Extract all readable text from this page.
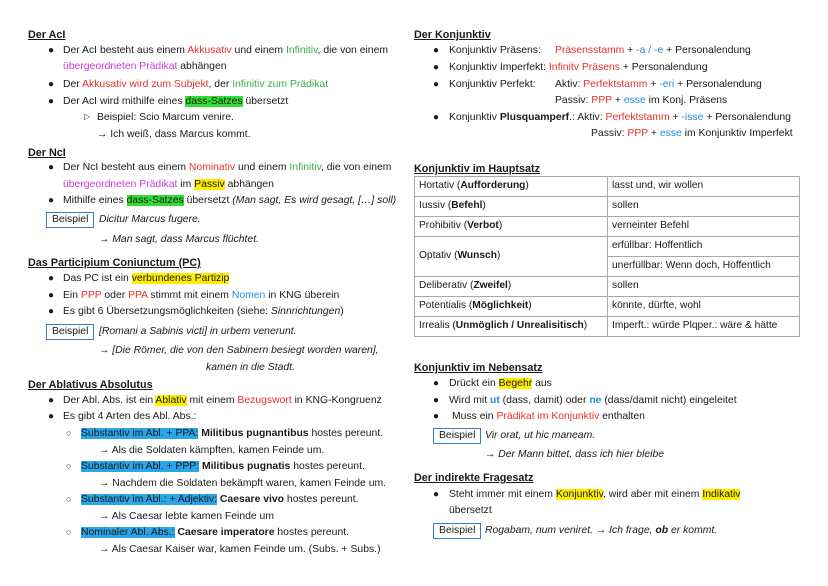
Der AcI
● Der AcI besteht aus einem Akkusativ und einem Infinitiv, die von einem
übergeordneten Prädikat abhängen
● Der Akkusativ wird zum Subjekt, der Infinitiv zum Prädikat
● Der AcI wird mithilfe eines dass-Satzes übersetzt
▷ Beispiel: Scio Marcum venire.
→ Ich weiß, dass Marcus kommt.
Der NcI
● Der NcI besteht aus einem Nominativ und einem Infinitiv, die von einem
übergeordneten Prädikat im Passiv abhängen
● Mithilfe eines dass-Satzes übersetzt (Man sagt, Es wird gesagt, […] soll)
Beispiel	Dicitur Marcus fugere.
→ Man sagt, dass Marcus flüchtet.
Das Participium Coniunctum (PC)
● Das PC ist ein verbundenes Partizip
● Ein PPP oder PPA stimmt mit einem Nomen in KNG überein
● Es gibt 6 Übersetzungsmöglichkeiten (siehe: Sinnrichtungen)
Beispiel	[Romani a Sabinis victi] in urbem venerunt.
→ [Die Römer, die von den Sabinern besiegt worden waren],
kamen in die Stadt.
Der Ablativus Absolutus
● Der Abl. Abs. ist ein Ablativ mit einem Bezugswort in KNG-Kongruenz
● Es gibt 4 Arten des Abl. Abs.:
○ Substantiv im Abl. + PPA: Militibus pugnantibus hostes pereunt.
→ Als die Soldaten kämpften, kamen Feinde um.
○ Substantiv im Abl. + PPP: Militibus pugnatis hostes pereunt.
→ Nachdem die Soldaten bekämpft waren, kamen Feinde um.
○ Substantiv im Abl.: + Adjektiv: Caesare vivo hostes pereunt.
→ Als Caesar lebte kamen Feinde um
○ Nominaler Abl. Abs.: Caesare imperatore hostes pereunt.
→ Als Caesar Kaiser war, kamen Feinde um. (Subs. + Subs.)
Der Konjunktiv
● Konjunktiv Präsens: Präsensstamm + -a / -e + Personalendung
● Konjunktiv Imperfekt: Infinitv Präsens + Personalendung
● Konjunktiv Perfekt: Aktiv: Perfektstamm + -eri + Personalendung
Passiv: PPP + esse im Konj. Präsens
● Konjunktiv Plusquamperf.: Aktiv: Perfektstamm + -isse + Personalendung
Passiv: PPP + esse im Konjunktiv Imperfekt
Konjunktiv im Hauptsatz
Hortativ (Aufforderung)	lasst und, wir wollen
Iussiv (Befehl)	sollen
Prohibitiv (Verbot)	verneinter Befehl
Optativ (Wunsch)	erfüllbar: Hoffentlich
	unerfüllbar: Wenn doch, Hoffentlich
Deliberativ (Zweifel)	sollen
Potentialis (Möglichkeit)	könnte, dürfte, wohl
Irrealis (Unmöglich / Unrealisitisch)	Imperft.: würde Plqper.: wäre & hätte
Konjunktiv im Nebensatz
● Drückt ein Begehr aus
● Wird mit ut (dass, damit) oder ne (dass/damit nicht) eingeleitet
● Muss ein Prädikat im Konjunktiv enthalten
Beispiel Vir orat, ut hic maneam.
→ Der Mann bittet, dass ich hier bleibe
Der indirekte Fragesatz
● Steht immer mit einem Konjunktiv, wird aber mit einem Indikativ
übersetzt
Beispiel Rogabam, num veniret. → Ich frage, ob er kommt.
